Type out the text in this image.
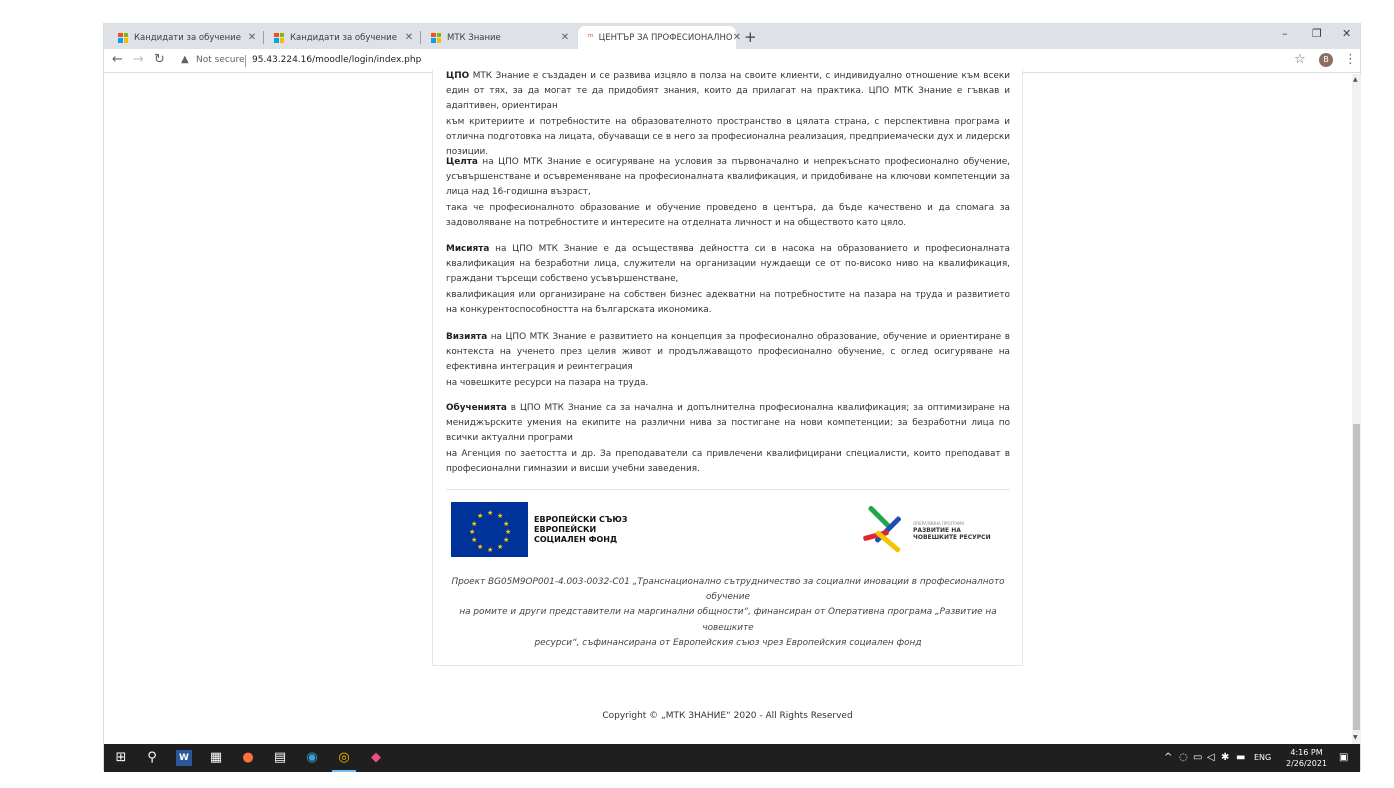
Кандидати за обучение ✕	Кандидати за обучение ✕	МТК Знание	✕ ᵐ ЦЕНТЪР ЗА ПРОФЕСИОНАЛНО ✕ +	– ❐ ✕
← → ↻ ▲ Not secure 95.43.224.16/moodle/login/index.php	☆	B	⋮
ЦПО МТК Знание е създаден и се развива изцяло в полза на своите клиенти, с индивидуално отношение към всеки един от тях, за да могат те да придобият знания, които да прилагат на практика. ЦПО МТК Знание е гъвкав и адаптивен, ориентиран
към критериите и потребностите на образователното пространство в цялата страна, с перспективна програма и отлична подготовка на лицата, обучаващи се в него за професионална реализация, предприемачески дух и лидерски позиции.
Целта на ЦПО МТК Знание е осигуряване на условия за първоначално и непрекъснато професионално обучение, усъвършенстване и осъвременяване на професионалната квалификация, и придобиване на ключови компетенции за лица над 16-годишна възраст,
така че професионалното образование и обучение проведено в центъра, да бъде качествено и да спомага за задоволяване на потребностите и интересите на отделната личност и на обществото като цяло.
Мисията на ЦПО МТК Знание е да осъществява дейността си в насока на образованието и професионалната квалификация на безработни лица, служители на организации нуждаещи се от по-високо ниво на квалификация, граждани търсещи собствено усъвършенстване,
квалификация или организиране на собствен бизнес адекватни на потребностите на пазара на труда и развитието на конкурентоспособността на българската икономика.
Визията на ЦПО МТК Знание е развитието на концепция за професионално образование, обучение и ориентиране в контекста на ученето през целия живот и продължаващото професионално обучение, с оглед осигуряване на ефективна интеграция и реинтеграция
на човешките ресурси на пазара на труда.
Обученията в ЦПО МТК Знание са за начална и допълнителна професионална квалификация; за оптимизиране на мениджърските умения на екипите на различни нива за постигане на нови компетенции; за безработни лица по всички актуални програми
на Агенция по заетостта и др. За преподаватели са привлечени квалифицирани специалисти, които преподават в професионални гимназии и висши учебни заведения.
★ ★
★
★
★
★
★
★
★
★
★
★	ЕВРОПЕЙСКИ СЪЮЗ
ЕВРОПЕЙСКИ
СОЦИАЛЕН ФОНД
ОПЕРАТИВНА ПРОГРАМА
РАЗВИТИЕ НА
ЧОВЕШКИТЕ РЕСУРСИ
Проект BG05M9OP001-4.003-0032-C01 „Транснационално сътрудничество за социални иновации в професионалното обучение
на ромите и други представители на маргинални общности“, финансиран от Оперативна програма „Развитие на човешките
ресурси“, съфинансирана от Европейския съюз чрез Европейския социален фонд
Copyright © „МТК ЗНАНИЕ“ 2020 - All Rights Reserved
▲
▼
⊞ ⚲	W ▦ ● ▤ ◉ ◎ ◆	^ ◌ ▭ ◁ ✱ ▬ ENG
4:16 PM
2/26/2021
▣
